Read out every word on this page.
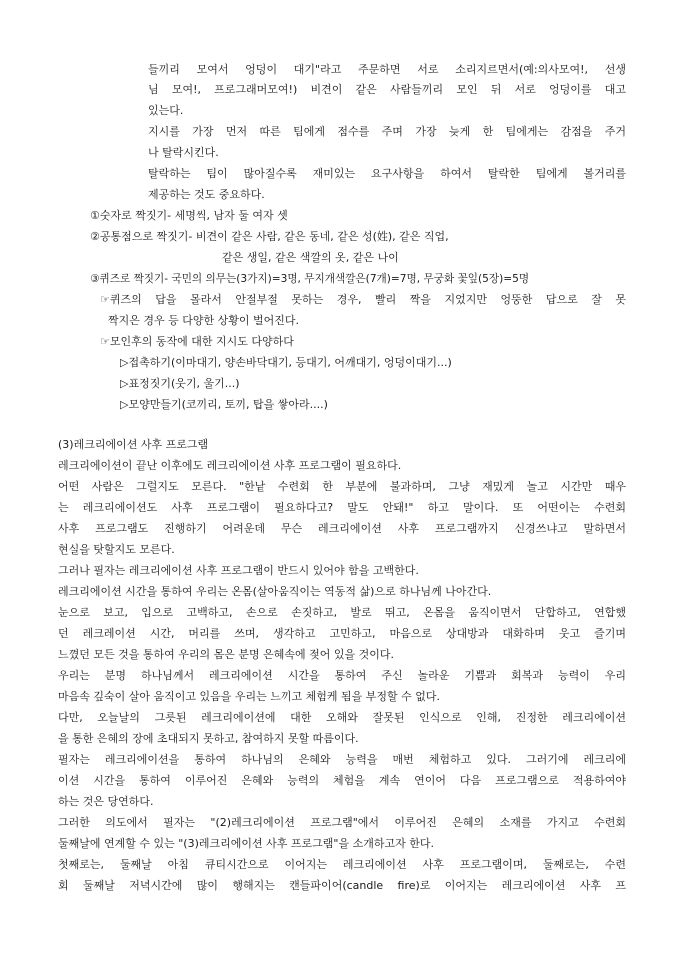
들끼리 모여서 엉덩이 대기"라고 주문하면 서로 소리지르면서(예:의사모여!, 선생
님 모여!, 프로그래머모여!) 비견이 같은 사람들끼리 모인 뒤 서로 엉덩이를 대고
있는다.
지시를 가장 먼저 따른 팀에게 점수를 주며 가장 늦게 한 팀에게는 감점을 주거
나 탈락시킨다.
탈락하는 팀이 많아질수록 재미있는 요구사항을 하여서 탈락한 팀에게 볼거리를
제공하는 것도 중요하다.
①숫자로 짝짓기- 세명씩, 남자 둘 여자 셋
②공통점으로 짝짓기- 비견이 같은 사람, 같은 동네, 같은 성(姓), 같은 직업,
같은 생일, 같은 색깔의 옷, 같은 나이
③퀴즈로 짝짓기- 국민의 의무는(3가지)=3명, 무지개색깔은(7개)=7명, 무궁화 꽃잎(5장)=5명
☞퀴즈의 답을 몰라서 안절부절 못하는 경우, 빨리 짝을 지었지만 엉뚱한 답으로 잘 못
짝지은 경우 등 다양한 상황이 벌어진다.
☞모인후의 동작에 대한 지시도 다양하다
▷접촉하기(이마대기, 양손바닥대기, 등대기, 어깨대기, 엉덩이대기...)
▷표정짓기(웃기, 울기...)
▷모양만들기(코끼리, 토끼, 탑을 쌓아라....)
(3)레크리에이션 사후 프로그램
레크리에이션이 끝난 이후에도 레크리에이션 사후 프로그램이 필요하다.
어떤 사람은 그럴지도 모른다. "한낱 수련회 한 부분에 불과하며, 그냥 재밌게 놀고 시간만 때우
는 레크리에이션도 사후 프로그램이 필요하다고? 말도 안돼!" 하고 말이다. 또 어떤이는 수련회
사후 프로그램도 진행하기 어려운데 무슨 레크리에이션 사후 프로그램까지 신경쓰냐고 말하면서
현실을 탓할지도 모른다.
그러나 필자는 레크리에이션 사후 프로그램이 반드시 있어야 함을 고백한다.
레크리에이션 시간을 통하여 우리는 온몸(살아움직이는 역동적 삶)으로 하나님께 나아간다.
눈으로 보고, 입으로 고백하고, 손으로 손짓하고, 발로 뛰고, 온몸을 움직이면서 단합하고, 연합했
던 레크레이션 시간, 머리를 쓰며, 생각하고 고민하고, 마음으로 상대방과 대화하며 웃고 즐기며
느꼈던 모든 것을 통하여 우리의 몸은 분명 은혜속에 젖어 있을 것이다.
우리는 분명 하나님께서 레크리에이션 시간을 통하여 주신 놀라운 기쁨과 회복과 능력이 우리
마음속 깊숙이 살아 움직이고 있음을 우리는 느끼고 체험케 됨을 부정할 수 없다.
다만, 오늘날의 그릇된 레크리에이션에 대한 오해와 잘못된 인식으로 인해, 진정한 레크리에이션
을 통한 은혜의 장에 초대되지 못하고, 참여하지 못할 따름이다.
필자는 레크리에이션을 통하여 하나님의 은혜와 능력을 매번 체험하고 있다. 그러기에 레크리에
이션 시간을 통하여 이루어진 은혜와 능력의 체험을 계속 연이어 다음 프로그램으로 적용하여야
하는 것은 당연하다.
그러한 의도에서 필자는 "(2)레크리에이션 프로그램"에서 이루어진 은혜의 소재를 가지고 수련회
둘째날에 연계할 수 있는 "(3)레크리에이션 사후 프로그램"을 소개하고자 한다.
첫째로는, 둘째날 아침 큐티시간으로 이어지는 레크리에이션 사후 프로그램이며, 둘째로는, 수련
회 둘째날 저녁시간에 많이 행해지는 캔들파이어(candle fire)로 이어지는 레크리에이션 사후 프
